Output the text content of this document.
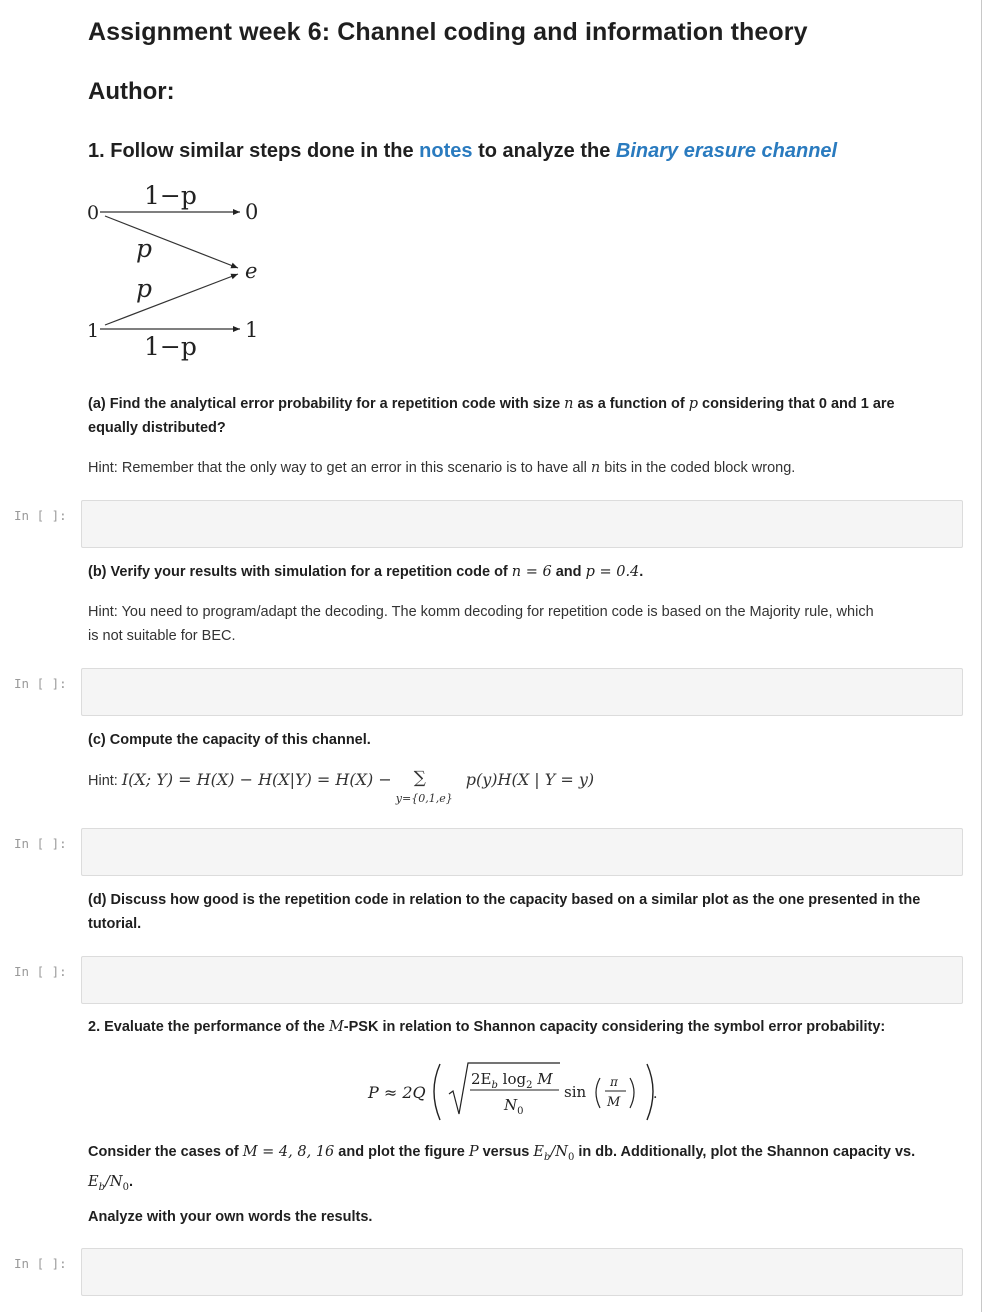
Assignment week 6: Channel coding and information theory
Author:
1. Follow similar steps done in the notes to analyze the Binary erasure channel
0
1
0
e
1
1−p
p
p
1−p
(a) Find the analytical error probability for a repetition code with size n as a function of p considering that 0 and 1 are
equally distributed?
Hint: Remember that the only way to get an error in this scenario is to have all n bits in the coded block wrong.
In [ ]:
(b) Verify your results with simulation for a repetition code of n = 6 and p = 0.4.
Hint: You need to program/adapt the decoding. The komm decoding for repetition code is based on the Majority rule, which
is not suitable for BEC.
In [ ]:
(c) Compute the capacity of this channel.
Hint: I(X; Y) = H(X) − H(X|Y) = H(X) − ∑
y={0,1,e}
p(y)H(X | Y = y)
In [ ]:
(d) Discuss how good is the repetition code in relation to the capacity based on a similar plot as the one presented in the
tutorial.
In [ ]:
2. Evaluate the performance of the M-PSK in relation to Shannon capacity considering the symbol error probability:
P ≈ 2Q
$2E_b$ $\log_2 M$
$N_0$
sin
π
M
.
Consider the cases of M = 4, 8, 16 and plot the figure P versus $E_b/N_0$ in db. Additionally, plot the Shannon capacity vs.
$E_b/N_0$.
Analyze with your own words the results.
In [ ]:
